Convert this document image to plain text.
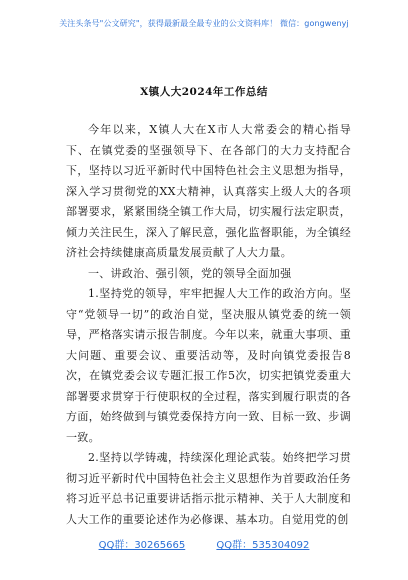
关注头条号"公文研究"，获得最新最全最专业的公文资料库！ 微信：gongwenyj
X镇人大2024年工作总结

今年以来，X镇人大在X市人大常委会的精心指导下、在镇党委的坚强领导下、在各部门的大力支持配合下，坚持以习近平新时代中国特色社会主义思想为指导，深入学习贯彻党的XX大精神，认真落实上级人大的各项部署要求，紧紧围绕全镇工作大局，切实履行法定职责，倾力关注民生，深入了解民意，强化监督职能，为全镇经济社会持续健康高质量发展贡献了人大力量。

一、讲政治、强引领，党的领导全面加强

1.坚持党的领导，牢牢把握人大工作的政治方向。坚守“党领导一切”的政治自觉，坚决服从镇党委的统一领导，严格落实请示报告制度。今年以来，就重大事项、重大问题、重要会议、重要活动等，及时向镇党委报告8次，在镇党委会议专题汇报工作5次，切实把镇党委重大部署要求贯穿于行使职权的全过程，落实到履行职责的各方面，始终做到与镇党委保持方向一致、目标一致、步调一致。

2.坚持以学铸魂，持续深化理论武装。始终把学习贯彻习近平新时代中国特色社会主义思想作为首要政治任务将习近平总书记重要讲话指示批示精神、关于人大制度和人大工作的重要论述作为必修课、基本功。自觉用党的创

QQ群：30265665	QQ群：535304092
